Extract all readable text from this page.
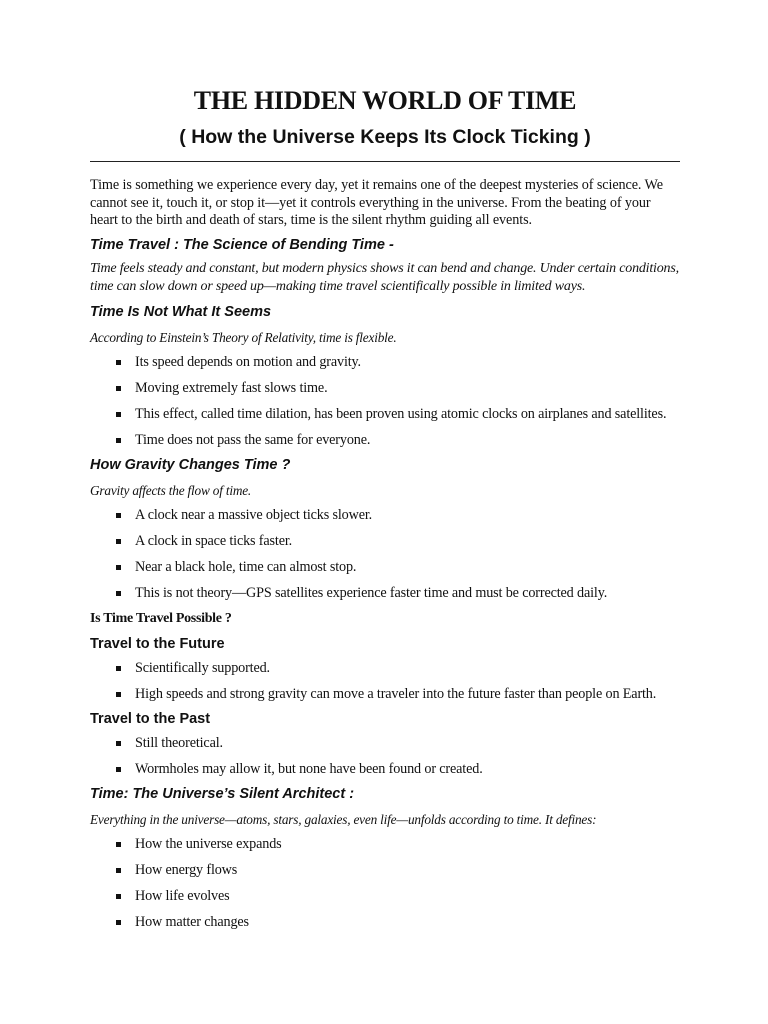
THE HIDDEN WORLD OF TIME
( How the Universe Keeps Its Clock Ticking )

Time is something we experience every day, yet it remains one of the deepest mysteries of science. We cannot see it, touch it, or stop it—yet it controls everything in the universe. From the beating of your heart to the birth and death of stars, time is the silent rhythm guiding all events.

Time Travel : The Science of Bending Time -

Time feels steady and constant, but modern physics shows it can bend and change. Under certain conditions, time can slow down or speed up—making time travel scientifically possible in limited ways.

Time Is Not What It Seems

According to Einstein’s Theory of Relativity, time is flexible.

Its speed depends on motion and gravity.
Moving extremely fast slows time.
This effect, called time dilation, has been proven using atomic clocks on airplanes and satellites.
Time does not pass the same for everyone.
How Gravity Changes Time ?

Gravity affects the flow of time.

A clock near a massive object ticks slower.
A clock in space ticks faster.
Near a black hole, time can almost stop.
This is not theory—GPS satellites experience faster time and must be corrected daily.
Is Time Travel Possible ?
Travel to the Future
Scientifically supported.
High speeds and strong gravity can move a traveler into the future faster than people on Earth.
Travel to the Past
Still theoretical.
Wormholes may allow it, but none have been found or created.
Time: The Universe’s Silent Architect :

Everything in the universe—atoms, stars, galaxies, even life—unfolds according to time. It defines:

How the universe expands
How energy flows
How life evolves
How matter changes
